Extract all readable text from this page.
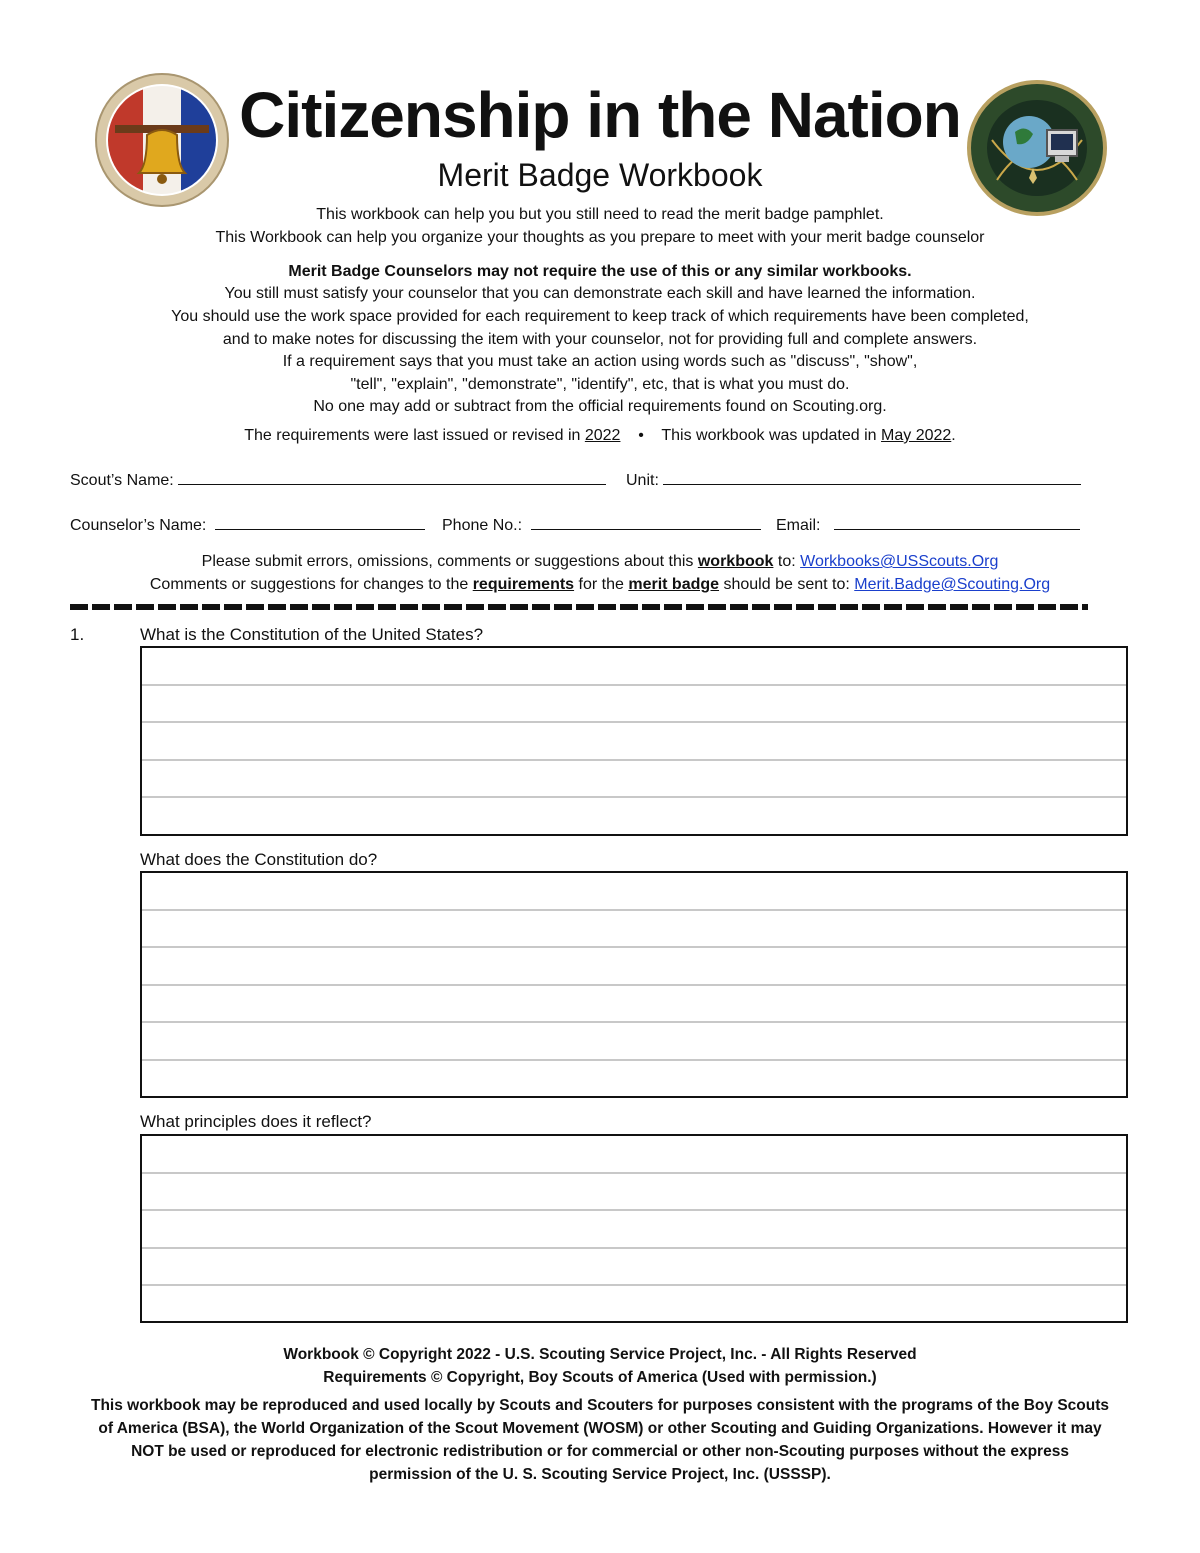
Citizenship in the Nation
Merit Badge Workbook
This workbook can help you but you still need to read the merit badge pamphlet.
This Workbook can help you organize your thoughts as you prepare to meet with your merit badge counselor
Merit Badge Counselors may not require the use of this or any similar workbooks.
You still must satisfy your counselor that you can demonstrate each skill and have learned the information.
You should use the work space provided for each requirement to keep track of which requirements have been completed,
and to make notes for discussing the item with your counselor, not for providing full and complete answers.
If a requirement says that you must take an action using words such as "discuss", "show",
"tell", "explain", "demonstrate", "identify", etc, that is what you must do.
No one may add or subtract from the official requirements found on Scouting.org.
The requirements were last issued or revised in 2022 • This workbook was updated in May 2022.
Scout’s Name:	Unit:
Counselor’s Name:	Phone No.:	Email:
Please submit errors, omissions, comments or suggestions about this workbook to: Workbooks@USScouts.Org
Comments or suggestions for changes to the requirements for the merit badge should be sent to: Merit.Badge@Scouting.Org
1.	What is the Constitution of the United States?
What does the Constitution do?
What principles does it reflect?
Workbook © Copyright 2022 - U.S. Scouting Service Project, Inc. - All Rights Reserved
Requirements © Copyright, Boy Scouts of America (Used with permission.)
This workbook may be reproduced and used locally by Scouts and Scouters for purposes consistent with the programs of the Boy Scouts
of America (BSA), the World Organization of the Scout Movement (WOSM) or other Scouting and Guiding Organizations. However it may
NOT be used or reproduced for electronic redistribution or for commercial or other non-Scouting purposes without the express
permission of the U. S. Scouting Service Project, Inc. (USSSP).
